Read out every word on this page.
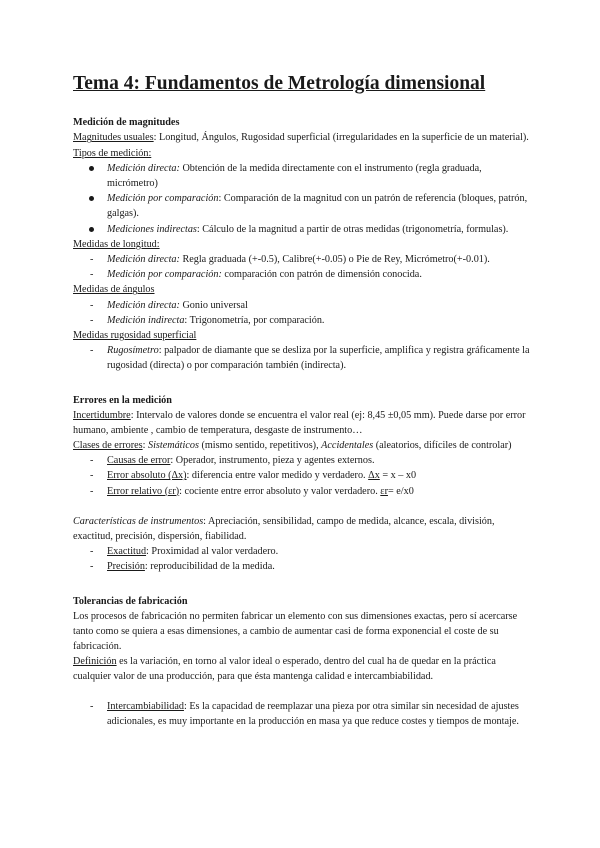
Tema 4: Fundamentos de Metrología dimensional

Medición de magnitudes

Magnitudes usuales: Longitud, Ángulos, Rugosidad superficial (irregularidades en la superficie de un material).

Tipos de medición:

Medición directa: Obtención de la medida directamente con el instrumento (regla graduada, micrómetro)
Medición por comparación: Comparación de la magnitud con un patrón de referencia (bloques, patrón, galgas).
Mediciones indirectas: Cálculo de la magnitud a partir de otras medidas (trigonometría, formulas).

Medidas de longitud:

- Medición directa: Regla graduada (+-0.5), Calibre(+-0.05) o Pie de Rey, Micrómetro(+-0.01).
- Medición por comparación: comparación con patrón de dimensión conocida.

Medidas de ángulos

- Medición directa: Gonio universal
- Medición indirecta: Trigonometría, por comparación.

Medidas rugosidad superficial

- Rugosímetro: palpador de diamante que se desliza por la superficie, amplifica y registra gráficamente la rugosidad (directa) o por comparación también (indirecta).

Errores en la medición

Incertidumbre: Intervalo de valores donde se encuentra el valor real (ej: 8,45 ±0,05 mm). Puede darse por error humano, ambiente , cambio de temperatura, desgaste de instrumento…

Clases de errores: Sistemáticos (mismo sentido, repetitivos), Accidentales (aleatorios, difíciles de controlar)

- Causas de error: Operador, instrumento, pieza y agentes externos.
- Error absoluto (Δx): diferencia entre valor medido y verdadero. Δx = x – x0
- Error relativo (εr): cociente entre error absoluto y valor verdadero. εr= e/x0

Características de instrumentos: Apreciación, sensibilidad, campo de medida, alcance, escala, división, exactitud, precisión, dispersión, fiabilidad.

- Exactitud: Proximidad al valor verdadero.
- Precisión: reproducibilidad de la medida.

Tolerancias de fabricación

Los procesos de fabricación no permiten fabricar un elemento con sus dimensiones exactas, pero sí acercarse tanto como se quiera a esas dimensiones, a cambio de aumentar casi de forma exponencial el coste de su fabricación.

Definición es la variación, en torno al valor ideal o esperado, dentro del cual ha de quedar en la práctica cualquier valor de una producción, para que ésta mantenga calidad e intercambiabilidad.

- Intercambiabilidad: Es la capacidad de reemplazar una pieza por otra similar sin necesidad de ajustes adicionales, es muy importante en la producción en masa ya que reduce costes y tiempos de montaje.
